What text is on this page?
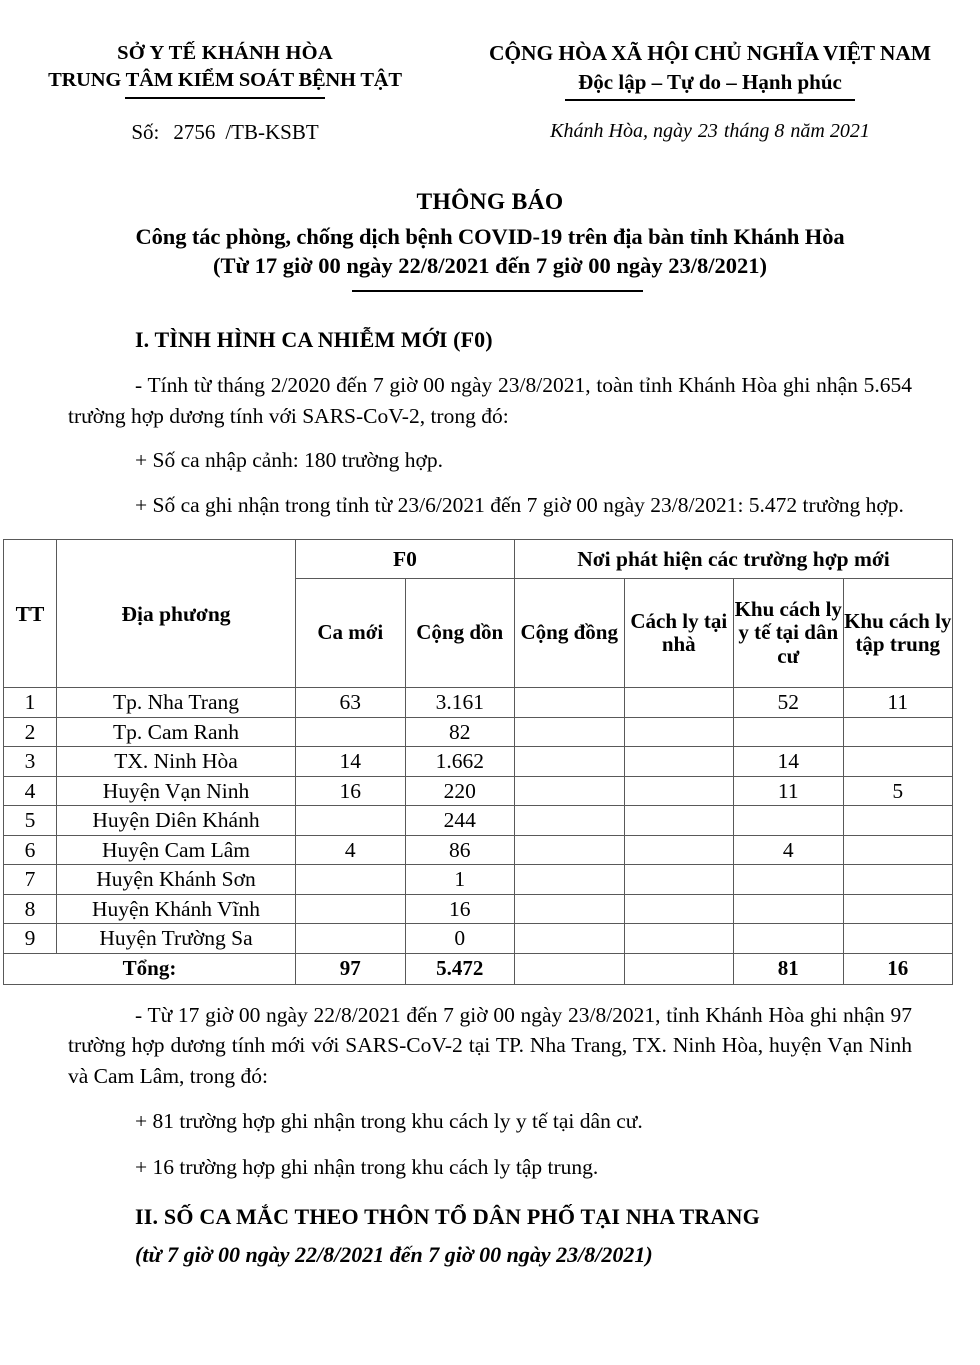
SỞ Y TẾ KHÁNH HÒA
TRUNG TÂM KIỂM SOÁT BỆNH TẬT
CỘNG HÒA XÃ HỘI CHỦ NGHĨA VIỆT NAM
Độc lập – Tự do – Hạnh phúc
Số: 2756 /TB-KSBT	Khánh Hòa, ngày 23 tháng 8 năm 2021
THÔNG BÁO
Công tác phòng, chống dịch bệnh COVID-19 trên địa bàn tỉnh Khánh Hòa
(Từ 17 giờ 00 ngày 22/8/2021 đến 7 giờ 00 ngày 23/8/2021)
I. TÌNH HÌNH CA NHIỄM MỚI (F0)
- Tính từ tháng 2/2020 đến 7 giờ 00 ngày 23/8/2021, toàn tỉnh Khánh Hòa ghi nhận 5.654 trường hợp dương tính với SARS-CoV-2, trong đó:
+ Số ca nhập cảnh: 180 trường hợp.
+ Số ca ghi nhận trong tỉnh từ 23/6/2021 đến 7 giờ 00 ngày 23/8/2021: 5.472 trường hợp.
TT	Địa phương	F0		Nơi phát hiện các trường hợp mới			
		Ca mới	Cộng dồn	Cộng đồng	Cách ly tại nhà	Khu cách ly y tế tại dân cư	Khu cách ly tập trung
1	Tp. Nha Trang	63	3.161			52	11
2	Tp. Cam Ranh		82				
3	TX. Ninh Hòa	14	1.662			14	
4	Huyện Vạn Ninh	16	220			11	5
5	Huyện Diên Khánh		244				
6	Huyện Cam Lâm	4	86			4	
7	Huyện Khánh Sơn		1				
8	Huyện Khánh Vĩnh		16				
9	Huyện Trường Sa		0				
Tổng:		97	5.472			81	16
- Từ 17 giờ 00 ngày 22/8/2021 đến 7 giờ 00 ngày 23/8/2021, tỉnh Khánh Hòa ghi nhận 97 trường hợp dương tính mới với SARS-CoV-2 tại TP. Nha Trang, TX. Ninh Hòa, huyện Vạn Ninh và Cam Lâm, trong đó:
+ 81 trường hợp ghi nhận trong khu cách ly y tế tại dân cư.
+ 16 trường hợp ghi nhận trong khu cách ly tập trung.
II. SỐ CA MẮC THEO THÔN TỔ DÂN PHỐ TẠI NHA TRANG
(từ 7 giờ 00 ngày 22/8/2021 đến 7 giờ 00 ngày 23/8/2021)
